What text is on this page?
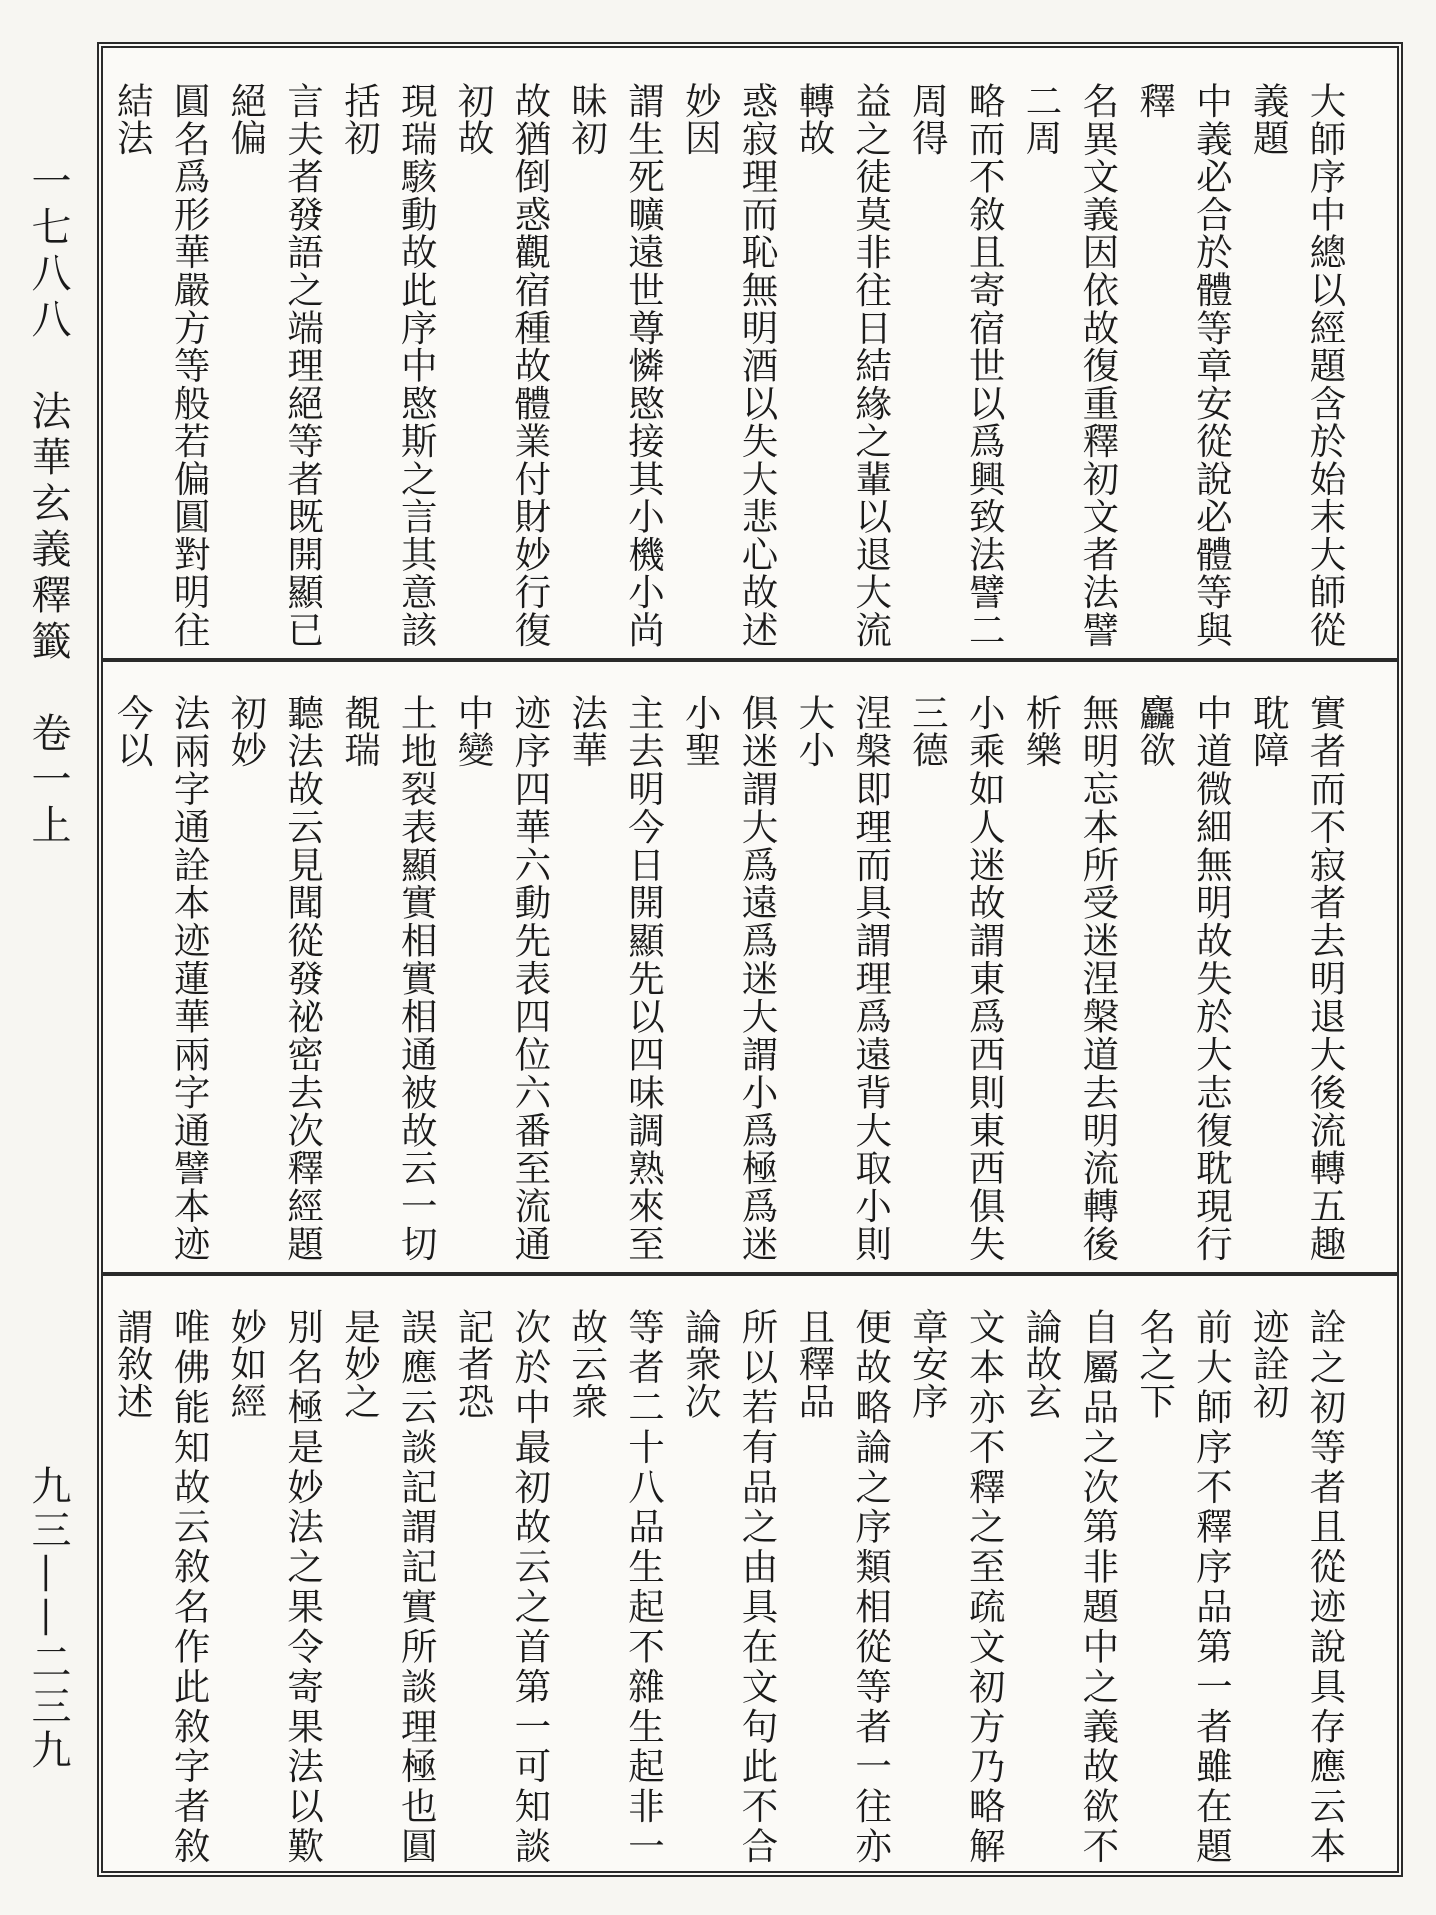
一七八八　法華玄義釋籤　卷一上
九三——二三九
大師序中總以經題含於始末大師從義題
中義必合於體等章安從說必體等與釋
名異文義因依故復重釋初文者法譬二周
略而不敘且寄宿世以爲興致法譬二周得
益之徒莫非往日結緣之輩以退大流轉故
惑寂理而恥無明酒以失大悲心故述妙因
謂生死曠遠世尊憐愍接其小機小尚昧初
故猶倒惑觀宿種故體業付財妙行復初故
現瑞駭動故此序中愍斯之言其意該括初
言夫者發語之端理絕等者既開顯已絕偏
圓名爲形華嚴方等般若偏圓對明往結法

實者而不寂者去明退大後流轉五趣耽障
中道微細無明故失於大志復耽現行麤欲
無明忘本所受迷涅槃道去明流轉後析樂
小乘如人迷故謂東爲西則東西俱失三德
涅槃即理而具謂理爲遠背大取小則大小
俱迷謂大爲遠爲迷大謂小爲極爲迷小聖
主去明今日開顯先以四味調熟來至法華
迹序四華六動先表四位六番至流通中變
土地裂表顯實相實相通被故云一切覩瑞
聽法故云見聞從發祕密去次釋經題初妙
法兩字通詮本迹蓮華兩字通譬本迹今以

詮之初等者且從迹說具存應云本迹詮初
前大師序不釋序品第一者雖在題名之下
自屬品之次第非題中之義故欲不論故玄
文本亦不釋之至疏文初方乃略解章安序
便故略論之序類相從等者一往亦且釋品
所以若有品之由具在文句此不合論衆次
等者二十八品生起不雜生起非一故云衆
次於中最初故云之首第一可知談記者恐
誤應云談記謂記實所談理極也圓是妙之
別名極是妙法之果令寄果法以歎妙如經
唯佛能知故云敘名作此敘字者敘謂敘述
